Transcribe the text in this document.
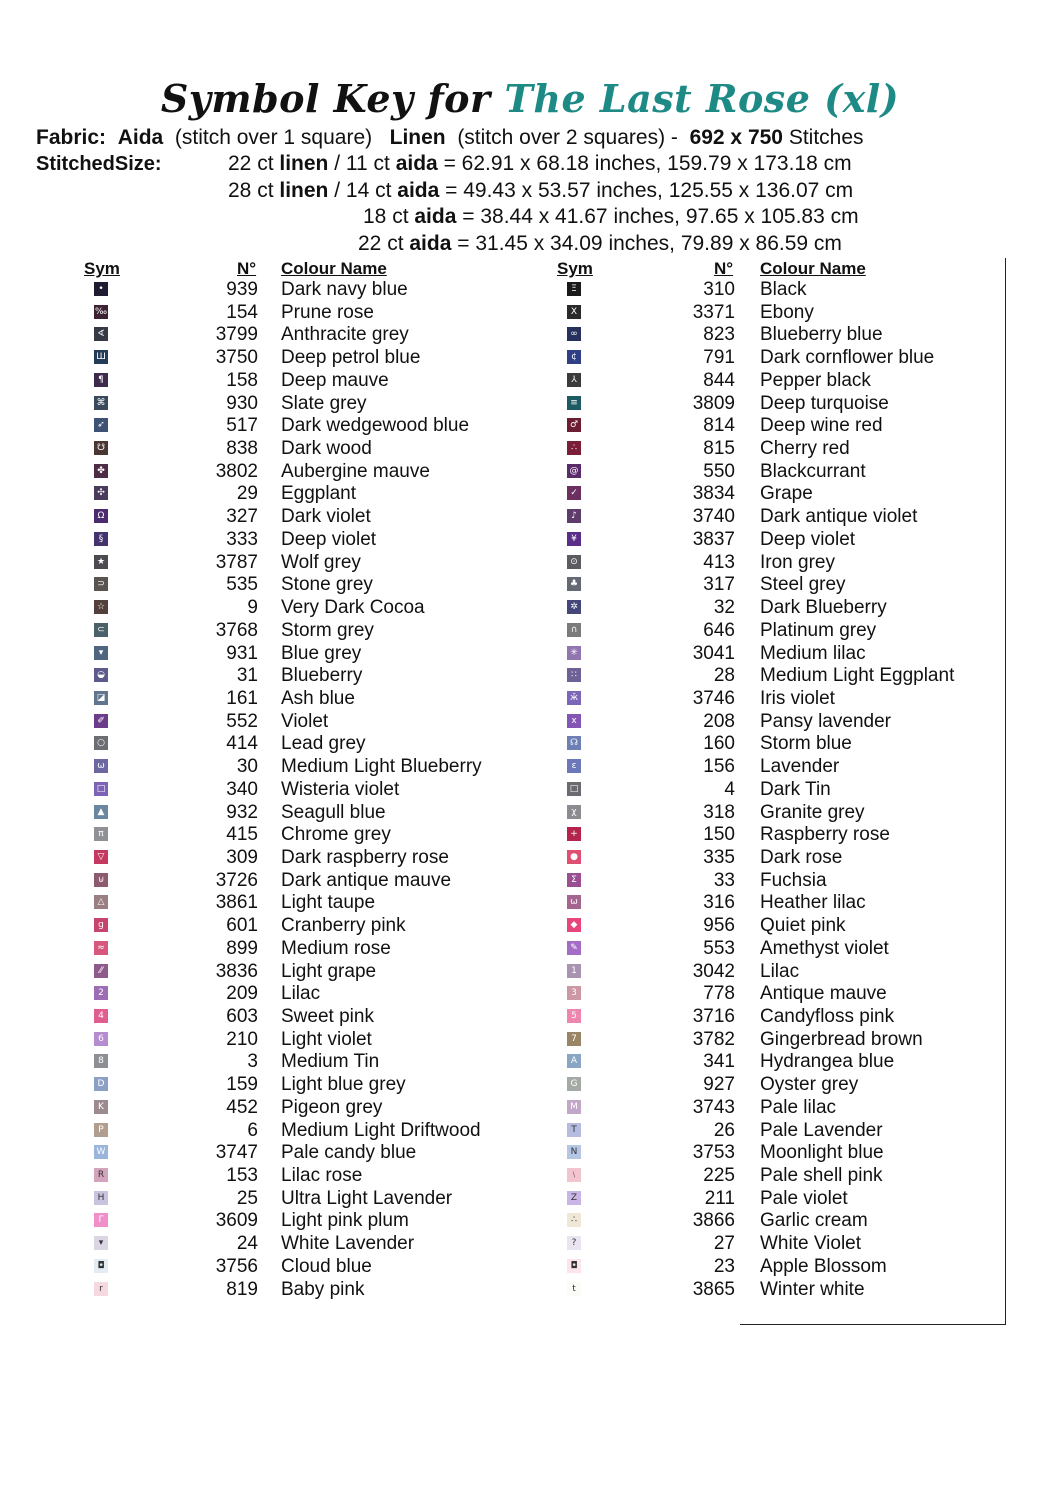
Symbol Key for The Last Rose (xl)
Fabric: Aida (stitch over 1 square) Linen (stitch over 2 squares) - 692 x 750 Stitches
StitchedSize:	22 ct linen / 11 ct aida = 62.91 x 68.18 inches, 159.79 x 173.18 cm
28 ct linen / 14 ct aida = 49.43 x 53.57 inches, 125.55 x 136.07 cm
18 ct aida = 38.44 x 41.67 inches, 97.65 x 105.83 cm
22 ct aida = 31.45 x 34.09 inches, 79.89 x 86.59 cm
Sym	N° Colour Name	Sym	N° Colour Name
•	939 Dark navy blue
‰	154 Prune rose
∢	3799 Anthracite grey
Ш	3750 Deep petrol blue
¶	158 Deep mauve
⌘	930 Slate grey
➶	517 Dark wedgewood blue
☋	838 Dark wood
✤	3802 Aubergine mauve
✣	29 Eggplant
Ω	327 Dark violet
§	333 Deep violet
★	3787 Wolf grey
⊃	535 Stone grey
☆	9 Very Dark Cocoa
⊂	3768 Storm grey
▾	931 Blue grey
◒	31 Blueberry
◪	161 Ash blue
✐	552 Violet
○	414 Lead grey
ω	30 Medium Light Blueberry
□	340 Wisteria violet
▲	932 Seagull blue
π	415 Chrome grey
▽	309 Dark raspberry rose
⊍	3726 Dark antique mauve
△	3861 Light taupe
g	601 Cranberry pink
≈	899 Medium rose
⁄⁄	3836 Light grape
2	209 Lilac
4	603 Sweet pink
6	210 Light violet
8	3 Medium Tin
D	159 Light blue grey
K	452 Pigeon grey
P	6 Medium Light Driftwood
W	3747 Pale candy blue
R	153 Lilac rose
H	25 Ultra Light Lavender
Γ	3609 Light pink plum
▾	24 White Lavender
◘	3756 Cloud blue
r	819 Baby pink
Ξ	310 Black
X	3371 Ebony
∞	823 Blueberry blue
¢	791 Dark cornflower blue
⅄	844 Pepper black
≡	3809 Deep turquoise
♂	814 Deep wine red
∴	815 Cherry red
@	550 Blackcurrant
✓	3834 Grape
♪	3740 Dark antique violet
¥	3837 Deep violet
⊙	413 Iron grey
♣	317 Steel grey
✲	32 Dark Blueberry
∩	646 Platinum grey
✳	3041 Medium lilac
∷	28 Medium Light Eggplant
ӂ	3746 Iris violet
x	208 Pansy lavender
☊	160 Storm blue
ε	156 Lavender
□	4 Dark Tin
χ	318 Granite grey
+	150 Raspberry rose
●	335 Dark rose
Σ	33 Fuchsia
ω	316 Heather lilac
◆	956 Quiet pink
✎	553 Amethyst violet
1	3042 Lilac
3	778 Antique mauve
5	3716 Candyfloss pink
7	3782 Gingerbread brown
A	341 Hydrangea blue
G	927 Oyster grey
M	3743 Pale lilac
T	26 Pale Lavender
N	3753 Moonlight blue
﹨	225 Pale shell pink
Z	211 Pale violet
∴	3866 Garlic cream
?	27 White Violet
◘	23 Apple Blossom
t	3865 Winter white
